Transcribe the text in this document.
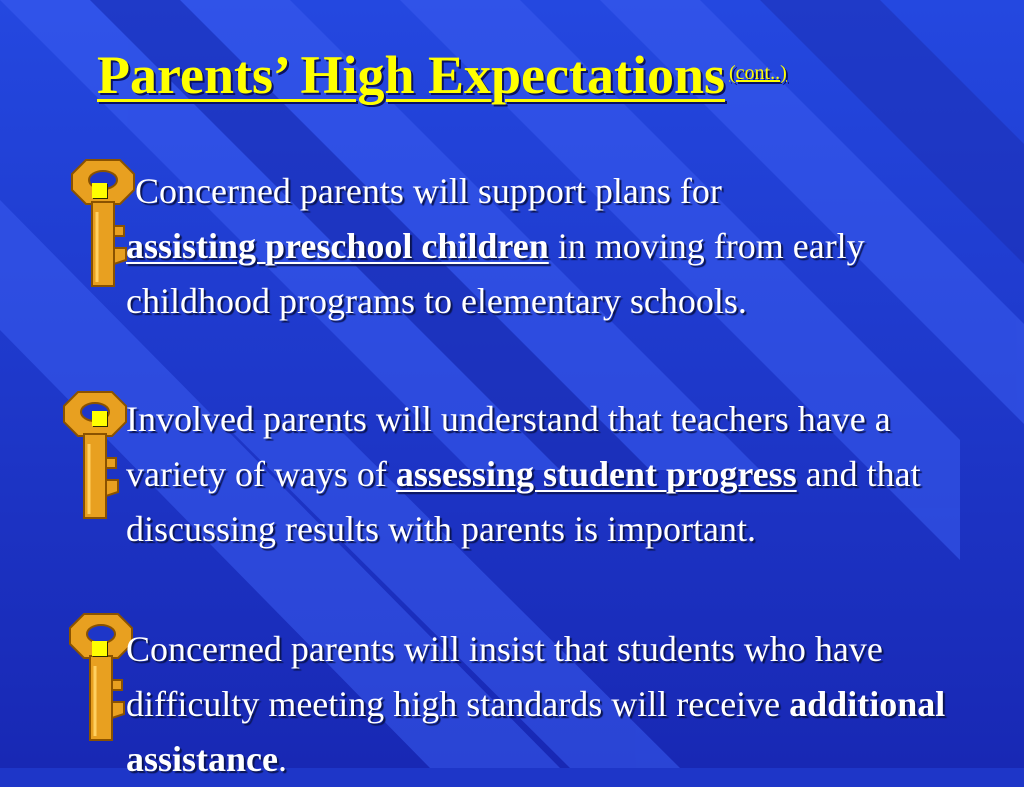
Parents’ High Expectations $^{(cont..)}$

Concerned parents will support plans for
assisting preschool children in moving from early childhood programs to elementary schools.

Involved parents will understand that teachers have a variety of ways of assessing student progress and that discussing results with parents is important.

Concerned parents will insist that students who have difficulty meeting high standards will receive additional assistance.
